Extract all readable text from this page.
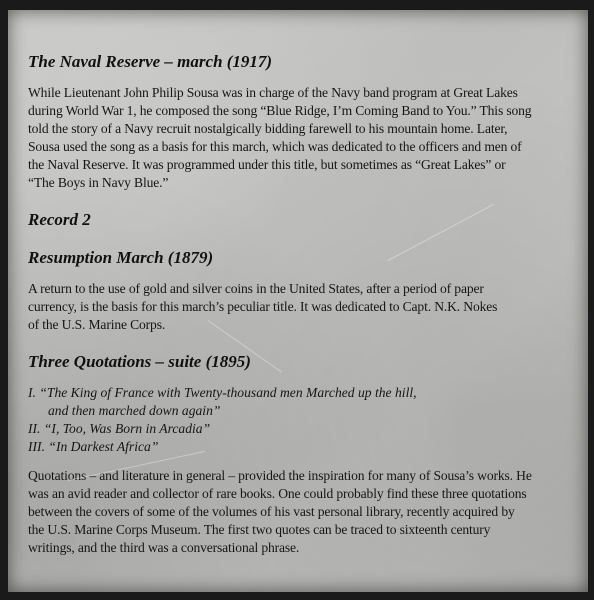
The Naval Reserve – march (1917)

While Lieutenant John Philip Sousa was in charge of the Navy band program at Great Lakes
during World War 1, he composed the song “Blue Ridge, I’m Coming Band to You.” This song
told the story of a Navy recruit nostalgically bidding farewell to his mountain home. Later,
Sousa used the song as a basis for this march, which was dedicated to the officers and men of
the Naval Reserve. It was programmed under this title, but sometimes as “Great Lakes” or
“The Boys in Navy Blue.”

Record 2
Resumption March (1879)

A return to the use of gold and silver coins in the United States, after a period of paper
currency, is the basis for this march’s peculiar title. It was dedicated to Capt. N.K. Nokes
of the U.S. Marine Corps.

Three Quotations – suite (1895)
I. “The King of France with Twenty-thousand men Marched up the hill,
and then marched down again”
II. “I, Too, Was Born in Arcadia”
III. “In Darkest Africa”

Quotations – and literature in general – provided the inspiration for many of Sousa’s works. He
was an avid reader and collector of rare books. One could probably find these three quotations
between the covers of some of the volumes of his vast personal library, recently acquired by
the U.S. Marine Corps Museum. The first two quotes can be traced to sixteenth century
writings, and the third was a conversational phrase.
